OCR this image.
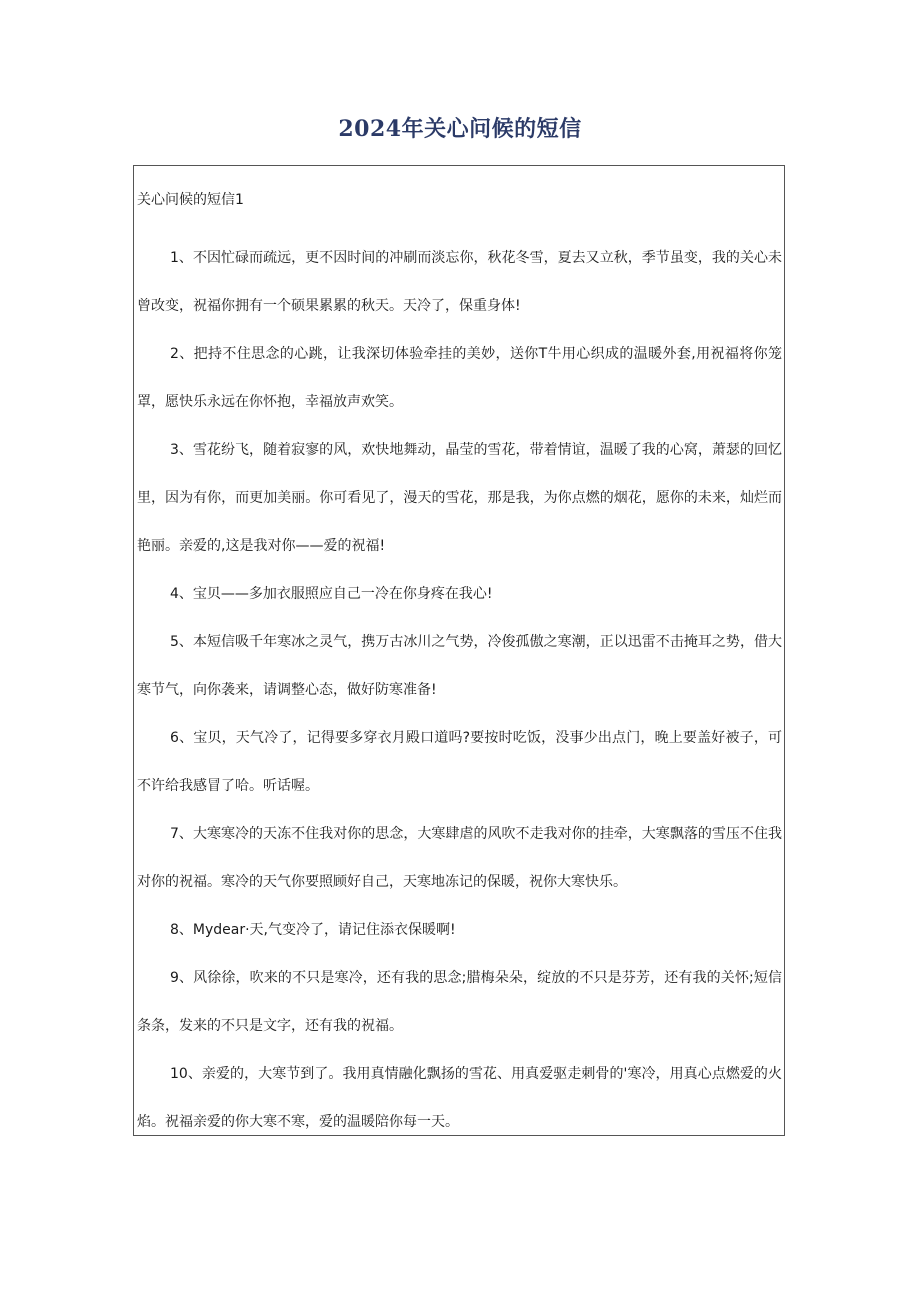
2024年关心问候的短信
关心问候的短信1

1、不因忙碌而疏远，更不因时间的冲刷而淡忘你，秋花冬雪，夏去又立秋，季节虽变，我的关心未曾改变，祝福你拥有一个硕果累累的秋天。天冷了，保重身体!

2、把持不住思念的心跳，让我深切体验牵挂的美妙，送你T牛用心织成的温暖外套,用祝福将你笼罩，愿快乐永远在你怀抱，幸福放声欢笑。

3、雪花纷飞，随着寂寥的风，欢快地舞动，晶莹的雪花，带着情谊，温暖了我的心窝，萧瑟的回忆里，因为有你，而更加美丽。你可看见了，漫天的雪花，那是我，为你点燃的烟花，愿你的未来，灿烂而艳丽。亲爱的,这是我对你——爱的祝福!

4、宝贝——多加衣服照应自己一冷在你身疼在我心!

5、本短信吸千年寒冰之灵气，携万古冰川之气势，冷俊孤傲之寒潮，正以迅雷不击掩耳之势，借大寒节气，向你袭来，请调整心态，做好防寒准备!

6、宝贝，天气冷了，记得要多穿衣月殿口道吗?要按时吃饭，没事少出点门，晚上要盖好被子，可不许给我感冒了哈。听话喔。

7、大寒寒冷的天冻不住我对你的思念，大寒肆虐的风吹不走我对你的挂牵，大寒飘落的雪压不住我对你的祝福。寒冷的天气你要照顾好自己，天寒地冻记的保暖，祝你大寒快乐。

8、Mydear·天,气变冷了，请记住添衣保暖啊!

9、风徐徐，吹来的不只是寒冷，还有我的思念;腊梅朵朵，绽放的不只是芬芳，还有我的关怀;短信条条，发来的不只是文字，还有我的祝福。

10、亲爱的，大寒节到了。我用真情融化飘扬的雪花、用真爱驱走刺骨的'寒冷，用真心点燃爱的火焰。祝福亲爱的你大寒不寒，爱的温暖陪你每一天。
